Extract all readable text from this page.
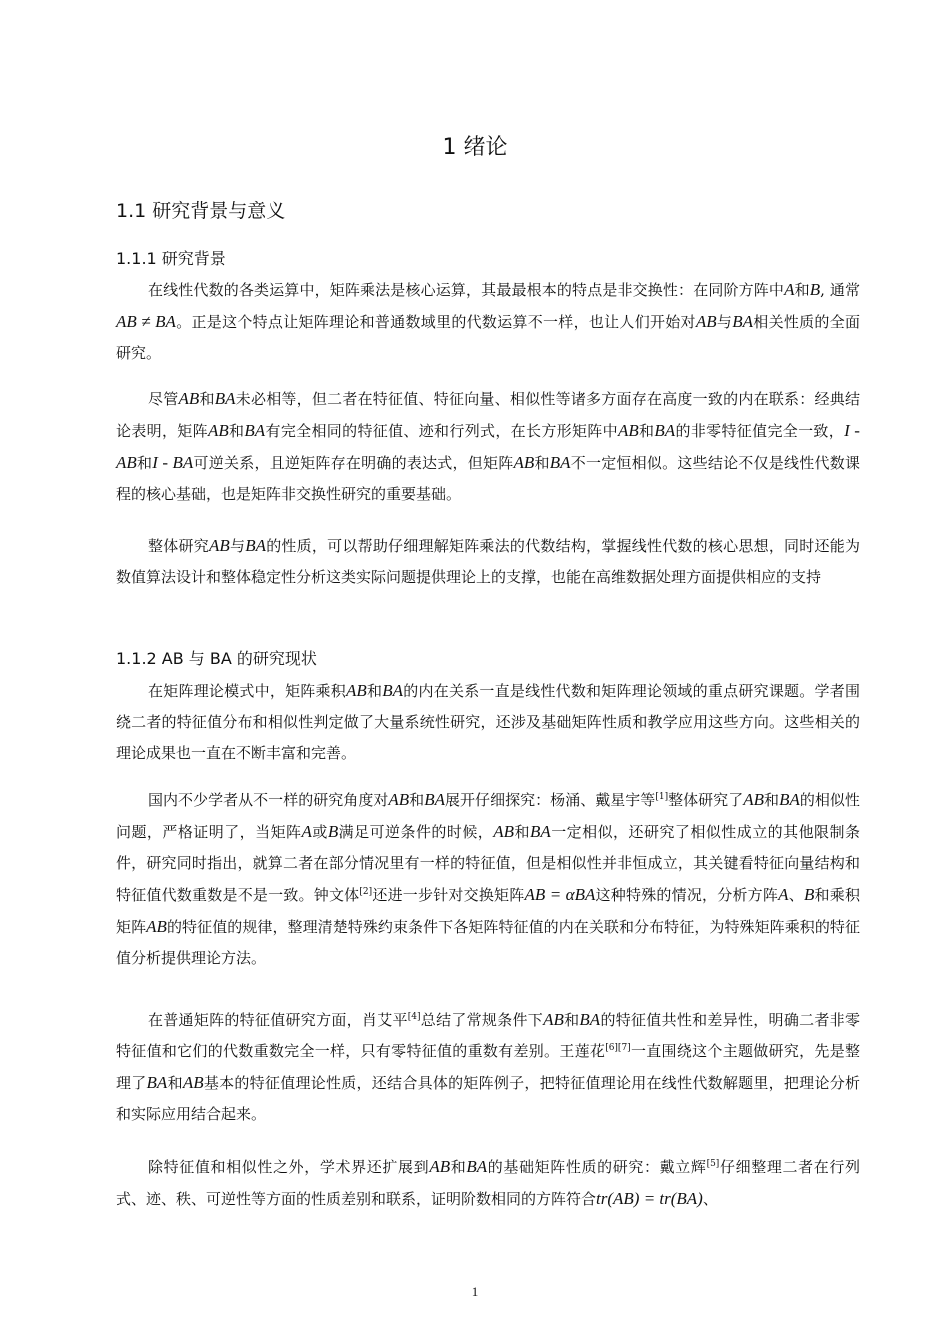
1 绪论
1.1 研究背景与意义
1.1.1 研究背景

在线性代数的各类运算中，矩阵乘法是核心运算，其最最根本的特点是非交换性：在同阶方阵中A和B, 通常AB ≠ BA。正是这个特点让矩阵理论和普通数域里的代数运算不一样，也让人们开始对AB与BA相关性质的全面研究。

尽管AB和BA未必相等，但二者在特征值、特征向量、相似性等诸多方面存在高度一致的内在联系：经典结论表明，矩阵AB和BA有完全相同的特征值、迹和行列式，在长方形矩阵中AB和BA的非零特征值完全一致，I - AB和I - BA可逆关系，且逆矩阵存在明确的表达式，但矩阵AB和BA不一定恒相似。这些结论不仅是线性代数课程的核心基础，也是矩阵非交换性研究的重要基础。

整体研究AB与BA的性质，可以帮助仔细理解矩阵乘法的代数结构，掌握线性代数的核心思想，同时还能为数值算法设计和整体稳定性分析这类实际问题提供理论上的支撑，也能在高维数据处理方面提供相应的支持

1.1.2 AB 与 BA 的研究现状

在矩阵理论模式中，矩阵乘积AB和BA的内在关系一直是线性代数和矩阵理论领域的重点研究课题。学者围绕二者的特征值分布和相似性判定做了大量系统性研究，还涉及基础矩阵性质和教学应用这些方向。这些相关的理论成果也一直在不断丰富和完善。

国内不少学者从不一样的研究角度对AB和BA展开仔细探究：杨涌、戴星宇等[1]整体研究了AB和BA的相似性问题，严格证明了，当矩阵A或B满足可逆条件的时候，AB和BA一定相似，还研究了相似性成立的其他限制条件，研究同时指出，就算二者在部分情况里有一样的特征值，但是相似性并非恒成立，其关键看特征向量结构和特征值代数重数是不是一致。钟文体[2]还进一步针对交换矩阵AB = αBA这种特殊的情况，分析方阵A、B和乘积矩阵AB的特征值的规律，整理清楚特殊约束条件下各矩阵特征值的内在关联和分布特征，为特殊矩阵乘积的特征值分析提供理论方法。

在普通矩阵的特征值研究方面，肖艾平[4]总结了常规条件下AB和BA的特征值共性和差异性，明确二者非零特征值和它们的代数重数完全一样，只有零特征值的重数有差别。王莲花[6][7]一直围绕这个主题做研究，先是整理了BA和AB基本的特征值理论性质，还结合具体的矩阵例子，把特征值理论用在线性代数解题里，把理论分析和实际应用结合起来。

除特征值和相似性之外，学术界还扩展到AB和BA的基础矩阵性质的研究：戴立辉[5]仔细整理二者在行列式、迹、秩、可逆性等方面的性质差别和联系，证明阶数相同的方阵符合tr(AB) = tr(BA)、

1
